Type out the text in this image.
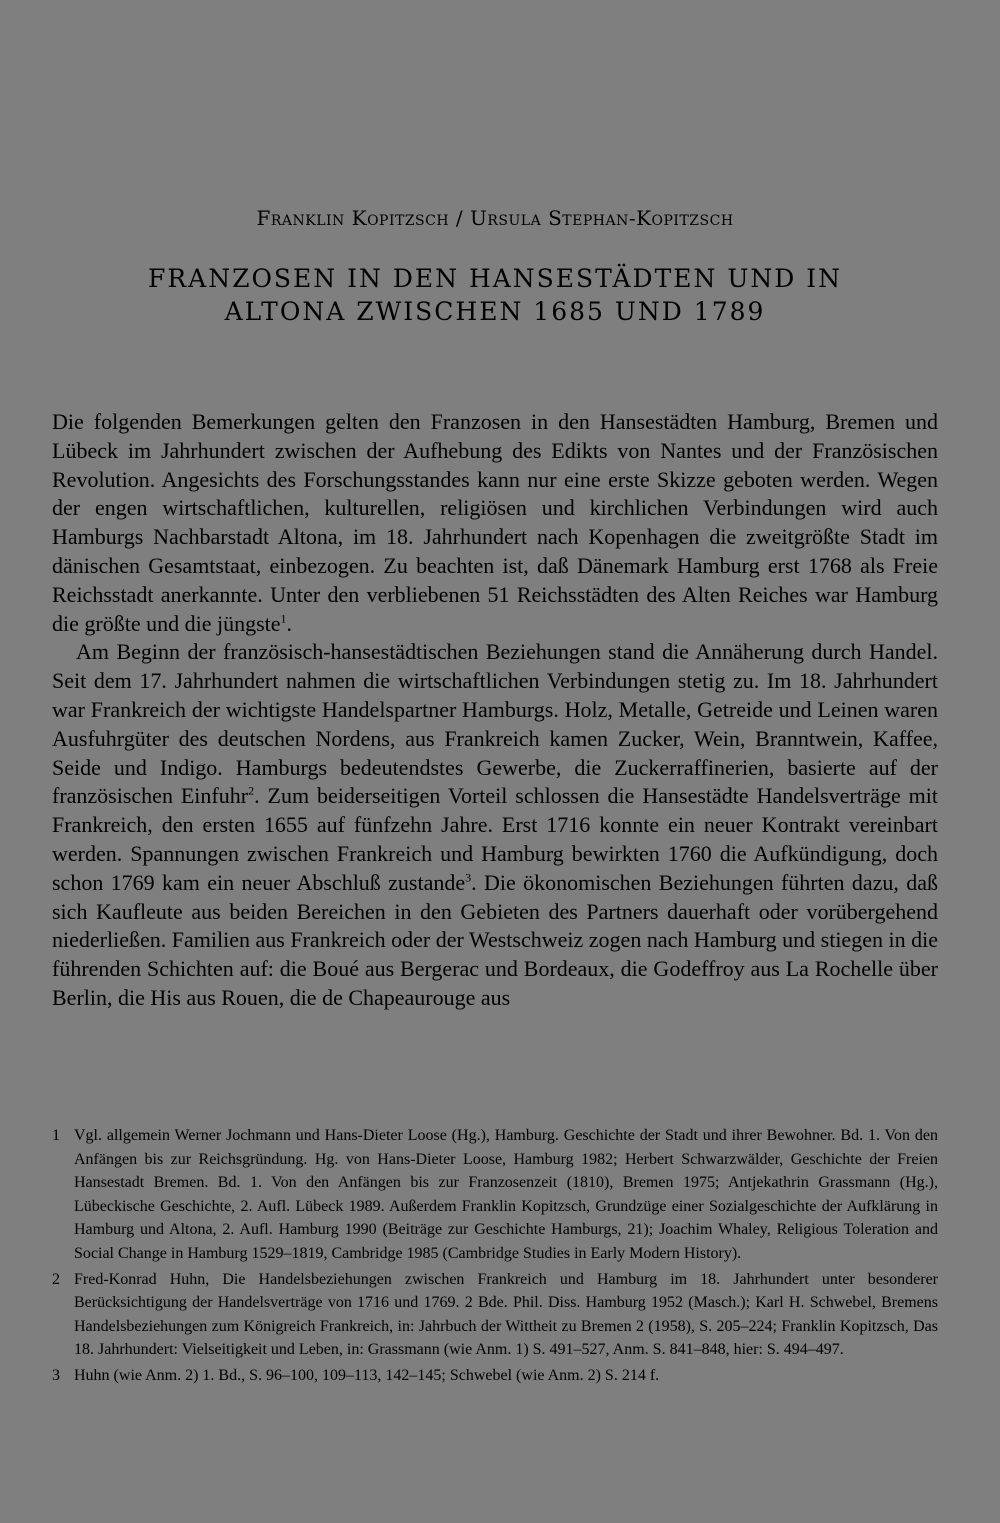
Franklin Kopitzsch / Ursula Stephan-Kopitzsch
FRANZOSEN IN DEN HANSESTÄDTEN UND IN
ALTONA ZWISCHEN 1685 UND 1789

Die folgenden Bemerkungen gelten den Franzosen in den Hansestädten Hamburg, Bremen und Lübeck im Jahrhundert zwischen der Aufhebung des Edikts von Nantes und der Französischen Revolution. Angesichts des Forschungsstandes kann nur eine erste Skizze geboten werden. Wegen der engen wirtschaftlichen, kulturellen, religiösen und kirchlichen Verbindungen wird auch Hamburgs Nachbarstadt Altona, im 18. Jahrhundert nach Kopenhagen die zweitgrößte Stadt im dänischen Gesamtstaat, einbezogen. Zu beachten ist, daß Dänemark Hamburg erst 1768 als Freie Reichsstadt anerkannte. Unter den verbliebenen 51 Reichsstädten des Alten Reiches war Hamburg die größte und die jüngste$^1$.

Am Beginn der französisch-hansestädtischen Beziehungen stand die Annäherung durch Handel. Seit dem 17. Jahrhundert nahmen die wirtschaftlichen Verbindungen stetig zu. Im 18. Jahrhundert war Frankreich der wichtigste Handelspartner Hamburgs. Holz, Metalle, Getreide und Leinen waren Ausfuhrgüter des deutschen Nordens, aus Frankreich kamen Zucker, Wein, Branntwein, Kaffee, Seide und Indigo. Hamburgs bedeutendstes Gewerbe, die Zuckerraffinerien, basierte auf der französischen Einfuhr$^2$. Zum beiderseitigen Vorteil schlossen die Hansestädte Handelsverträge mit Frankreich, den ersten 1655 auf fünfzehn Jahre. Erst 1716 konnte ein neuer Kontrakt vereinbart werden. Spannungen zwischen Frankreich und Hamburg bewirkten 1760 die Aufkündigung, doch schon 1769 kam ein neuer Abschluß zustande$^3$. Die ökonomischen Beziehungen führten dazu, daß sich Kaufleute aus beiden Bereichen in den Gebieten des Partners dauerhaft oder vorübergehend niederließen. Familien aus Frankreich oder der Westschweiz zogen nach Hamburg und stiegen in die führenden Schichten auf: die Boué aus Bergerac und Bordeaux, die Godeffroy aus La Rochelle über Berlin, die His aus Rouen, die de Chapeaurouge aus

1 Vgl. allgemein Werner Jochmann und Hans-Dieter Loose (Hg.), Hamburg. Geschichte der Stadt und ihrer Bewohner. Bd. 1. Von den Anfängen bis zur Reichsgründung. Hg. von Hans-Dieter Loose, Hamburg 1982; Herbert Schwarzwälder, Geschichte der Freien Hansestadt Bremen. Bd. 1. Von den Anfängen bis zur Franzosenzeit (1810), Bremen 1975; Antjekathrin Grassmann (Hg.), Lübeckische Geschichte, 2. Aufl. Lübeck 1989. Außerdem Franklin Kopitzsch, Grundzüge einer Sozialgeschichte der Aufklärung in Hamburg und Altona, 2. Aufl. Hamburg 1990 (Beiträge zur Geschichte Hamburgs, 21); Joachim Whaley, Religious Toleration and Social Change in Hamburg 1529–1819, Cambridge 1985 (Cambridge Studies in Early Modern History).
2 Fred-Konrad Huhn, Die Handelsbeziehungen zwischen Frankreich und Hamburg im 18. Jahrhundert unter besonderer Berücksichtigung der Handelsverträge von 1716 und 1769. 2 Bde. Phil. Diss. Hamburg 1952 (Masch.); Karl H. Schwebel, Bremens Handelsbeziehungen zum Königreich Frankreich, in: Jahrbuch der Wittheit zu Bremen 2 (1958), S. 205–224; Franklin Kopitzsch, Das 18. Jahrhundert: Vielseitigkeit und Leben, in: Grassmann (wie Anm. 1) S. 491–527, Anm. S. 841–848, hier: S. 494–497.
3 Huhn (wie Anm. 2) 1. Bd., S. 96–100, 109–113, 142–145; Schwebel (wie Anm. 2) S. 214 f.
